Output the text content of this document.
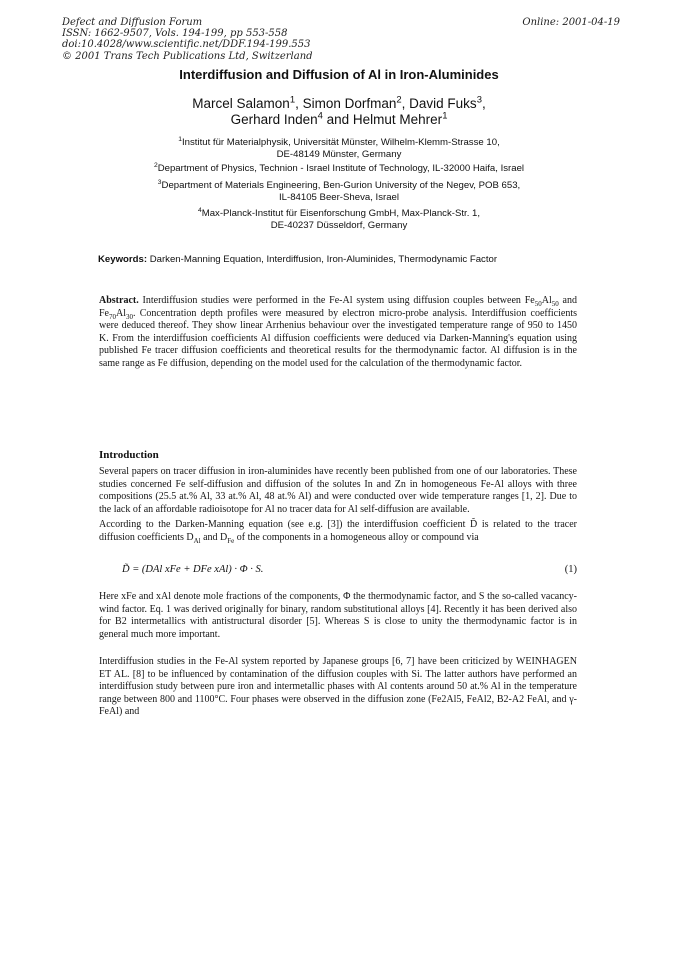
Defect and Diffusion Forum
ISSN: 1662-9507, Vols. 194-199, pp 553-558
doi:10.4028/www.scientific.net/DDF.194-199.553
© 2001 Trans Tech Publications Ltd, Switzerland
Online: 2001-04-19
Interdiffusion and Diffusion of Al in Iron-Aluminides
Marcel Salamon$^1$, Simon Dorfman$^2$, David Fuks$^3$,
Gerhard Inden$^4$ and Helmut Mehrer$^1$
$^1$Institut für Materialphysik, Universität Münster, Wilhelm-Klemm-Strasse 10,
DE-48149 Münster, Germany
$^2$Department of Physics, Technion - Israel Institute of Technology, IL-32000 Haifa, Israel
$^3$Department of Materials Engineering, Ben-Gurion University of the Negev, POB 653,
IL-84105 Beer-Sheva, Israel
$^4$Max-Planck-Institut für Eisenforschung GmbH, Max-Planck-Str. 1,
DE-40237 Düsseldorf, Germany
Keywords: Darken-Manning Equation, Interdiffusion, Iron-Aluminides, Thermodynamic Factor

Abstract. Interdiffusion studies were performed in the Fe-Al system using diffusion couples between $Fe_{50}Al_{50}$ and $Fe_{70}Al_{30}$. Concentration depth profiles were measured by electron micro-probe analysis. Interdiffusion coefficients were deduced thereof. They show linear Arrhenius behaviour over the investigated temperature range of 950 to 1450 K. From the interdiffusion coefficients Al diffusion coefficients were deduced via Darken-Manning's equation using published Fe tracer diffusion coefficients and theoretical results for the thermodynamic factor. Al diffusion is in the same range as Fe diffusion, depending on the model used for the calculation of the thermodynamic factor.

Introduction

Several papers on tracer diffusion in iron-aluminides have recently been published from one of our laboratories. These studies concerned Fe self-diffusion and diffusion of the solutes In and Zn in homogeneous Fe-Al alloys with three compositions (25.5 at.% Al, 33 at.% Al, 48 at.% Al) and were conducted over wide temperature ranges [1, 2]. Due to the lack of an affordable radioisotope for Al no tracer data for Al self-diffusion are available.

According to the Darken-Manning equation (see e.g. [3]) the interdiffusion coefficient D̃ is related to the tracer diffusion coefficients $D_{Al}$ and $D_{Fe}$ of the components in a homogeneous alloy or compound via

D̃ = (DAl xFe + DFe xAl) · Φ · S.	(1)

Here xFe and xAl denote mole fractions of the components, Φ the thermodynamic factor, and S the so-called vacancy-wind factor. Eq. 1 was derived originally for binary, random substitutional alloys [4]. Recently it has been derived also for B2 intermetallics with antistructural disorder [5]. Whereas S is close to unity the thermodynamic factor is in general much more important.

Interdiffusion studies in the Fe-Al system reported by Japanese groups [6, 7] have been criticized by WEINHAGEN ET AL. [8] to be influenced by contamination of the diffusion couples with Si. The latter authors have performed an interdiffusion study between pure iron and intermetallic phases with Al contents around 50 at.% Al in the temperature range between 800 and 1100°C. Four phases were observed in the diffusion zone (Fe2Al5, FeAl2, B2-A2 FeAl, and γ-FeAl) and
